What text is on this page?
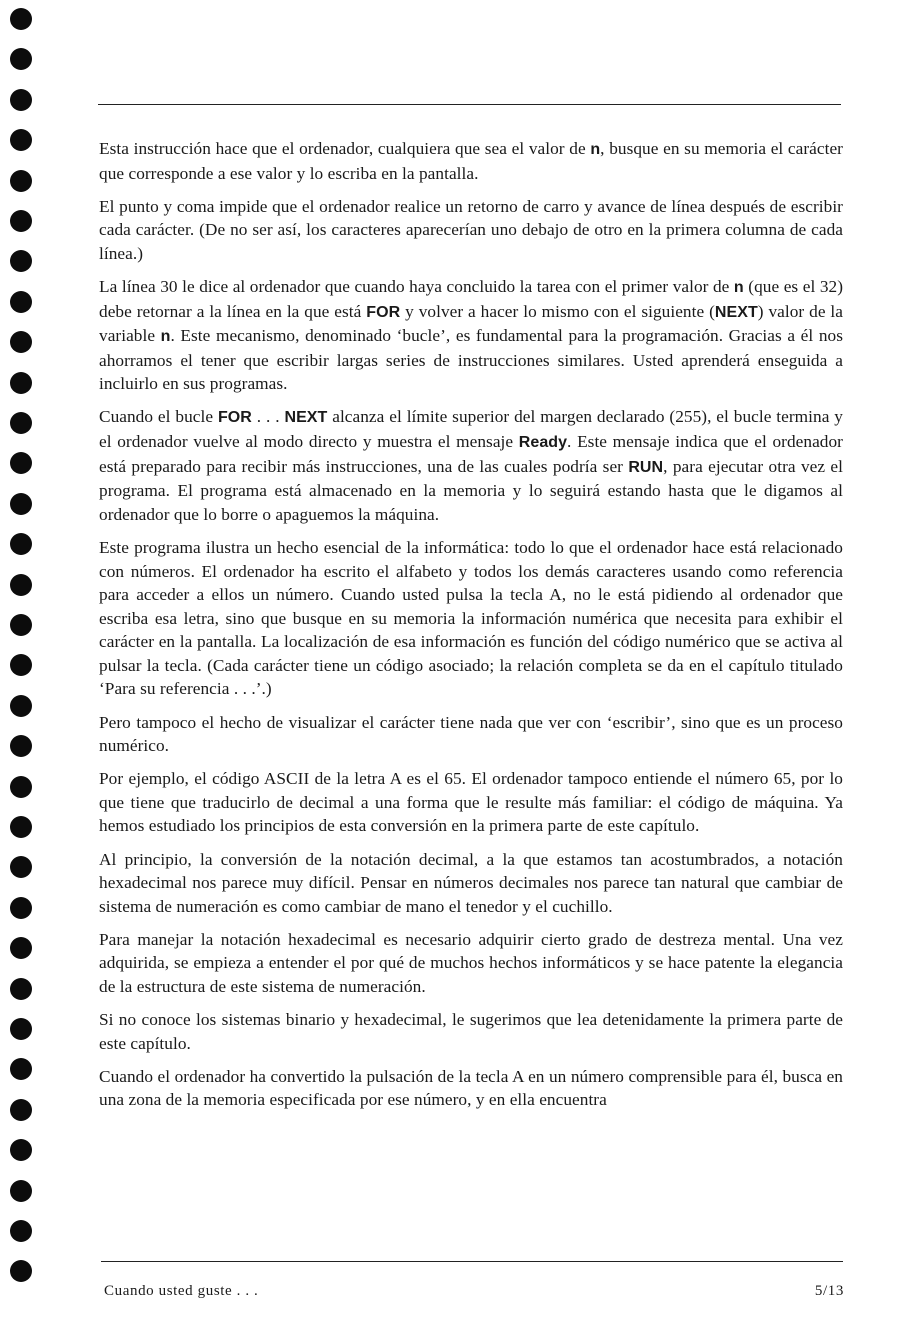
Esta instrucción hace que el ordenador, cualquiera que sea el valor de n, busque en su memoria el carácter que corresponde a ese valor y lo escriba en la pantalla.

El punto y coma impide que el ordenador realice un retorno de carro y avance de línea después de escribir cada carácter. (De no ser así, los caracteres aparecerían uno debajo de otro en la primera columna de cada línea.)

La línea 30 le dice al ordenador que cuando haya concluido la tarea con el primer valor de n (que es el 32) debe retornar a la línea en la que está FOR y volver a hacer lo mismo con el siguiente (NEXT) valor de la variable n. Este mecanismo, denominado ‘bucle’, es fundamental para la programación. Gracias a él nos ahorramos el tener que escribir largas series de instrucciones similares. Usted aprenderá enseguida a incluirlo en sus programas.

Cuando el bucle FOR . . . NEXT alcanza el límite superior del margen declarado (255), el bucle termina y el ordenador vuelve al modo directo y muestra el mensaje Ready. Este mensaje indica que el ordenador está preparado para recibir más instrucciones, una de las cuales podría ser RUN, para ejecutar otra vez el programa. El programa está almacenado en la memoria y lo seguirá estando hasta que le digamos al ordenador que lo borre o apaguemos la máquina.

Este programa ilustra un hecho esencial de la informática: todo lo que el ordenador hace está relacionado con números. El ordenador ha escrito el alfabeto y todos los demás caracteres usando como referencia para acceder a ellos un número. Cuando usted pulsa la tecla A, no le está pidiendo al ordenador que escriba esa letra, sino que busque en su memoria la información numérica que necesita para exhibir el carácter en la pantalla. La localización de esa información es función del código numérico que se activa al pulsar la tecla. (Cada carácter tiene un código asociado; la relación completa se da en el capítulo titulado ‘Para su referencia . . .’.)

Pero tampoco el hecho de visualizar el carácter tiene nada que ver con ‘escribir’, sino que es un proceso numérico.

Por ejemplo, el código ASCII de la letra A es el 65. El ordenador tampoco entiende el número 65, por lo que tiene que traducirlo de decimal a una forma que le resulte más familiar: el código de máquina. Ya hemos estudiado los principios de esta conversión en la primera parte de este capítulo.

Al principio, la conversión de la notación decimal, a la que estamos tan acostumbrados, a notación hexadecimal nos parece muy difícil. Pensar en números decimales nos parece tan natural que cambiar de sistema de numeración es como cambiar de mano el tenedor y el cuchillo.

Para manejar la notación hexadecimal es necesario adquirir cierto grado de destreza mental. Una vez adquirida, se empieza a entender el por qué de muchos hechos informáticos y se hace patente la elegancia de la estructura de este sistema de numeración.

Si no conoce los sistemas binario y hexadecimal, le sugerimos que lea detenidamente la primera parte de este capítulo.

Cuando el ordenador ha convertido la pulsación de la tecla A en un número comprensible para él, busca en una zona de la memoria especificada por ese número, y en ella encuentra

Cuando usted guste . . .	5/13
